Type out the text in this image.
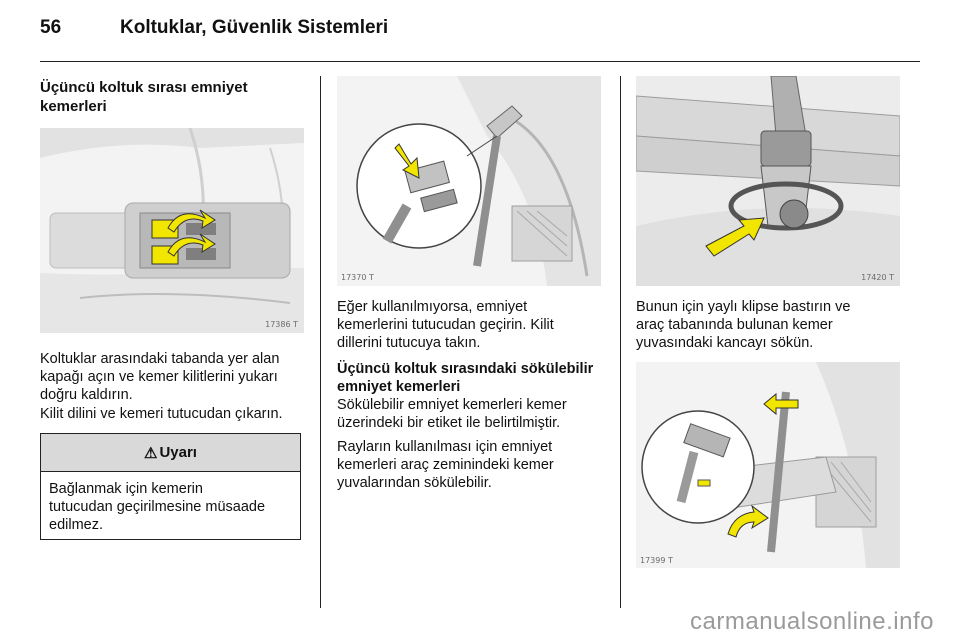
56	Koltuklar, Güvenlik Sistemleri
Üçüncü koltuk sırası emniyet
kemerleri
17386 T
Koltuklar arasındaki tabanda yer alan
kapağı açın ve kemer kilitlerini yukarı
doğru kaldırın.
Kilit dilini ve kemeri tutucudan çıkarın.
⚠ Uyarı
Bağlanmak için kemerin
tutucudan geçirilmesine müsaade
edilmez.
17370 T
Eğer kullanılmıyorsa, emniyet
kemerlerini tutucudan geçirin. Kilit
dillerini tutucuya takın.
Üçüncü koltuk sırasındaki sökülebilir
emniyet kemerleri
Sökülebilir emniyet kemerleri kemer
üzerindeki bir etiket ile belirtilmiştir.
Rayların kullanılması için emniyet
kemerleri araç zeminindeki kemer
yuvalarından sökülebilir.
17420 T
Bunun için yaylı klipse bastırın ve
araç tabanında bulunan kemer
yuvasındaki kancayı sökün.
17399 T
carmanualsonline.info
